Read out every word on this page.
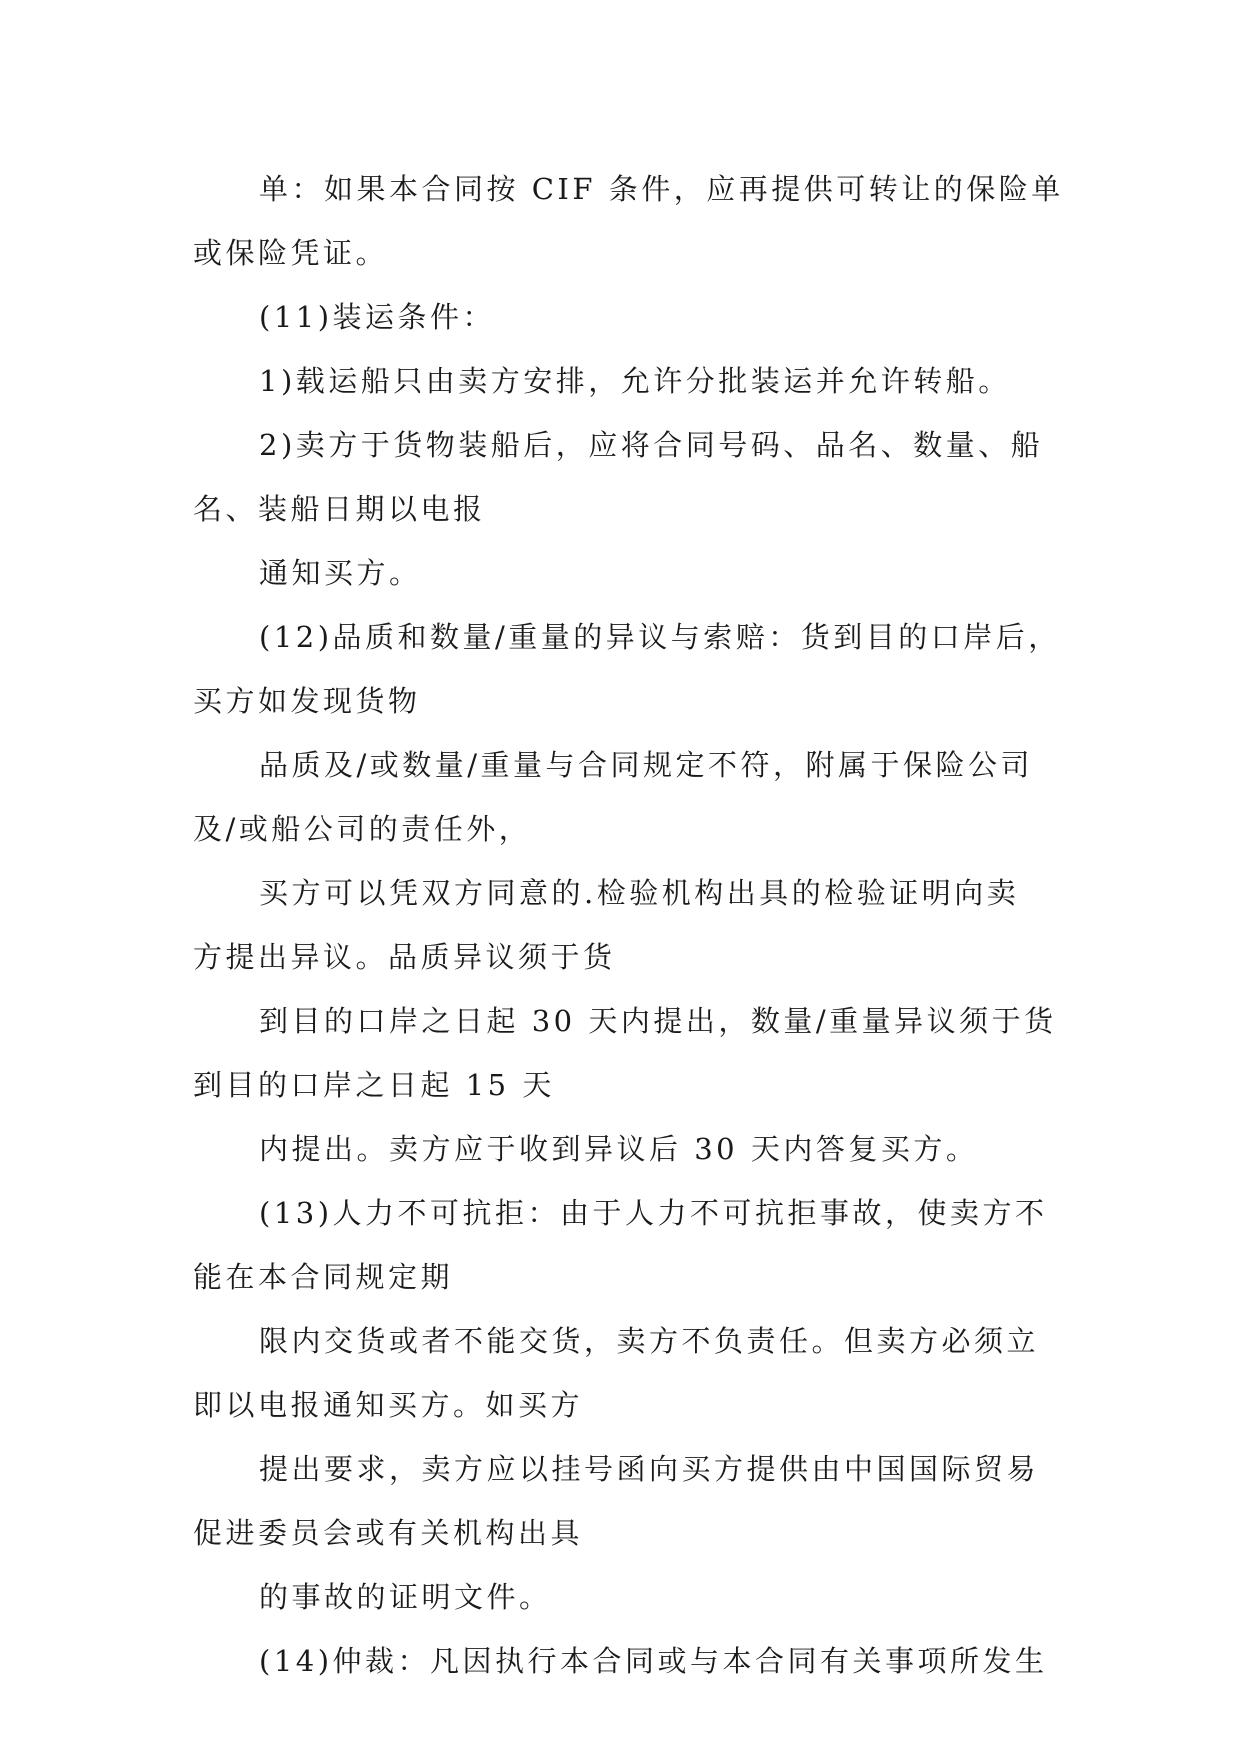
单：如果本合同按 CIF 条件，应再提供可转让的保险单
或保险凭证。

(11)装运条件：

1)载运船只由卖方安排，允许分批装运并允许转船。

2)卖方于货物装船后，应将合同号码、品名、数量、船
名、装船日期以电报

通知买方。

(12)品质和数量/重量的异议与索赔：货到目的口岸后，
买方如发现货物

品质及/或数量/重量与合同规定不符，附属于保险公司
及/或船公司的责任外，

买方可以凭双方同意的.检验机构出具的检验证明向卖
方提出异议。品质异议须于货

到目的口岸之日起 30 天内提出，数量/重量异议须于货
到目的口岸之日起 15 天

内提出。卖方应于收到异议后 30 天内答复买方。

(13)人力不可抗拒：由于人力不可抗拒事故，使卖方不
能在本合同规定期

限内交货或者不能交货，卖方不负责任。但卖方必须立
即以电报通知买方。如买方

提出要求，卖方应以挂号函向买方提供由中国国际贸易
促进委员会或有关机构出具

的事故的证明文件。

(14)仲裁：凡因执行本合同或与本合同有关事项所发生
